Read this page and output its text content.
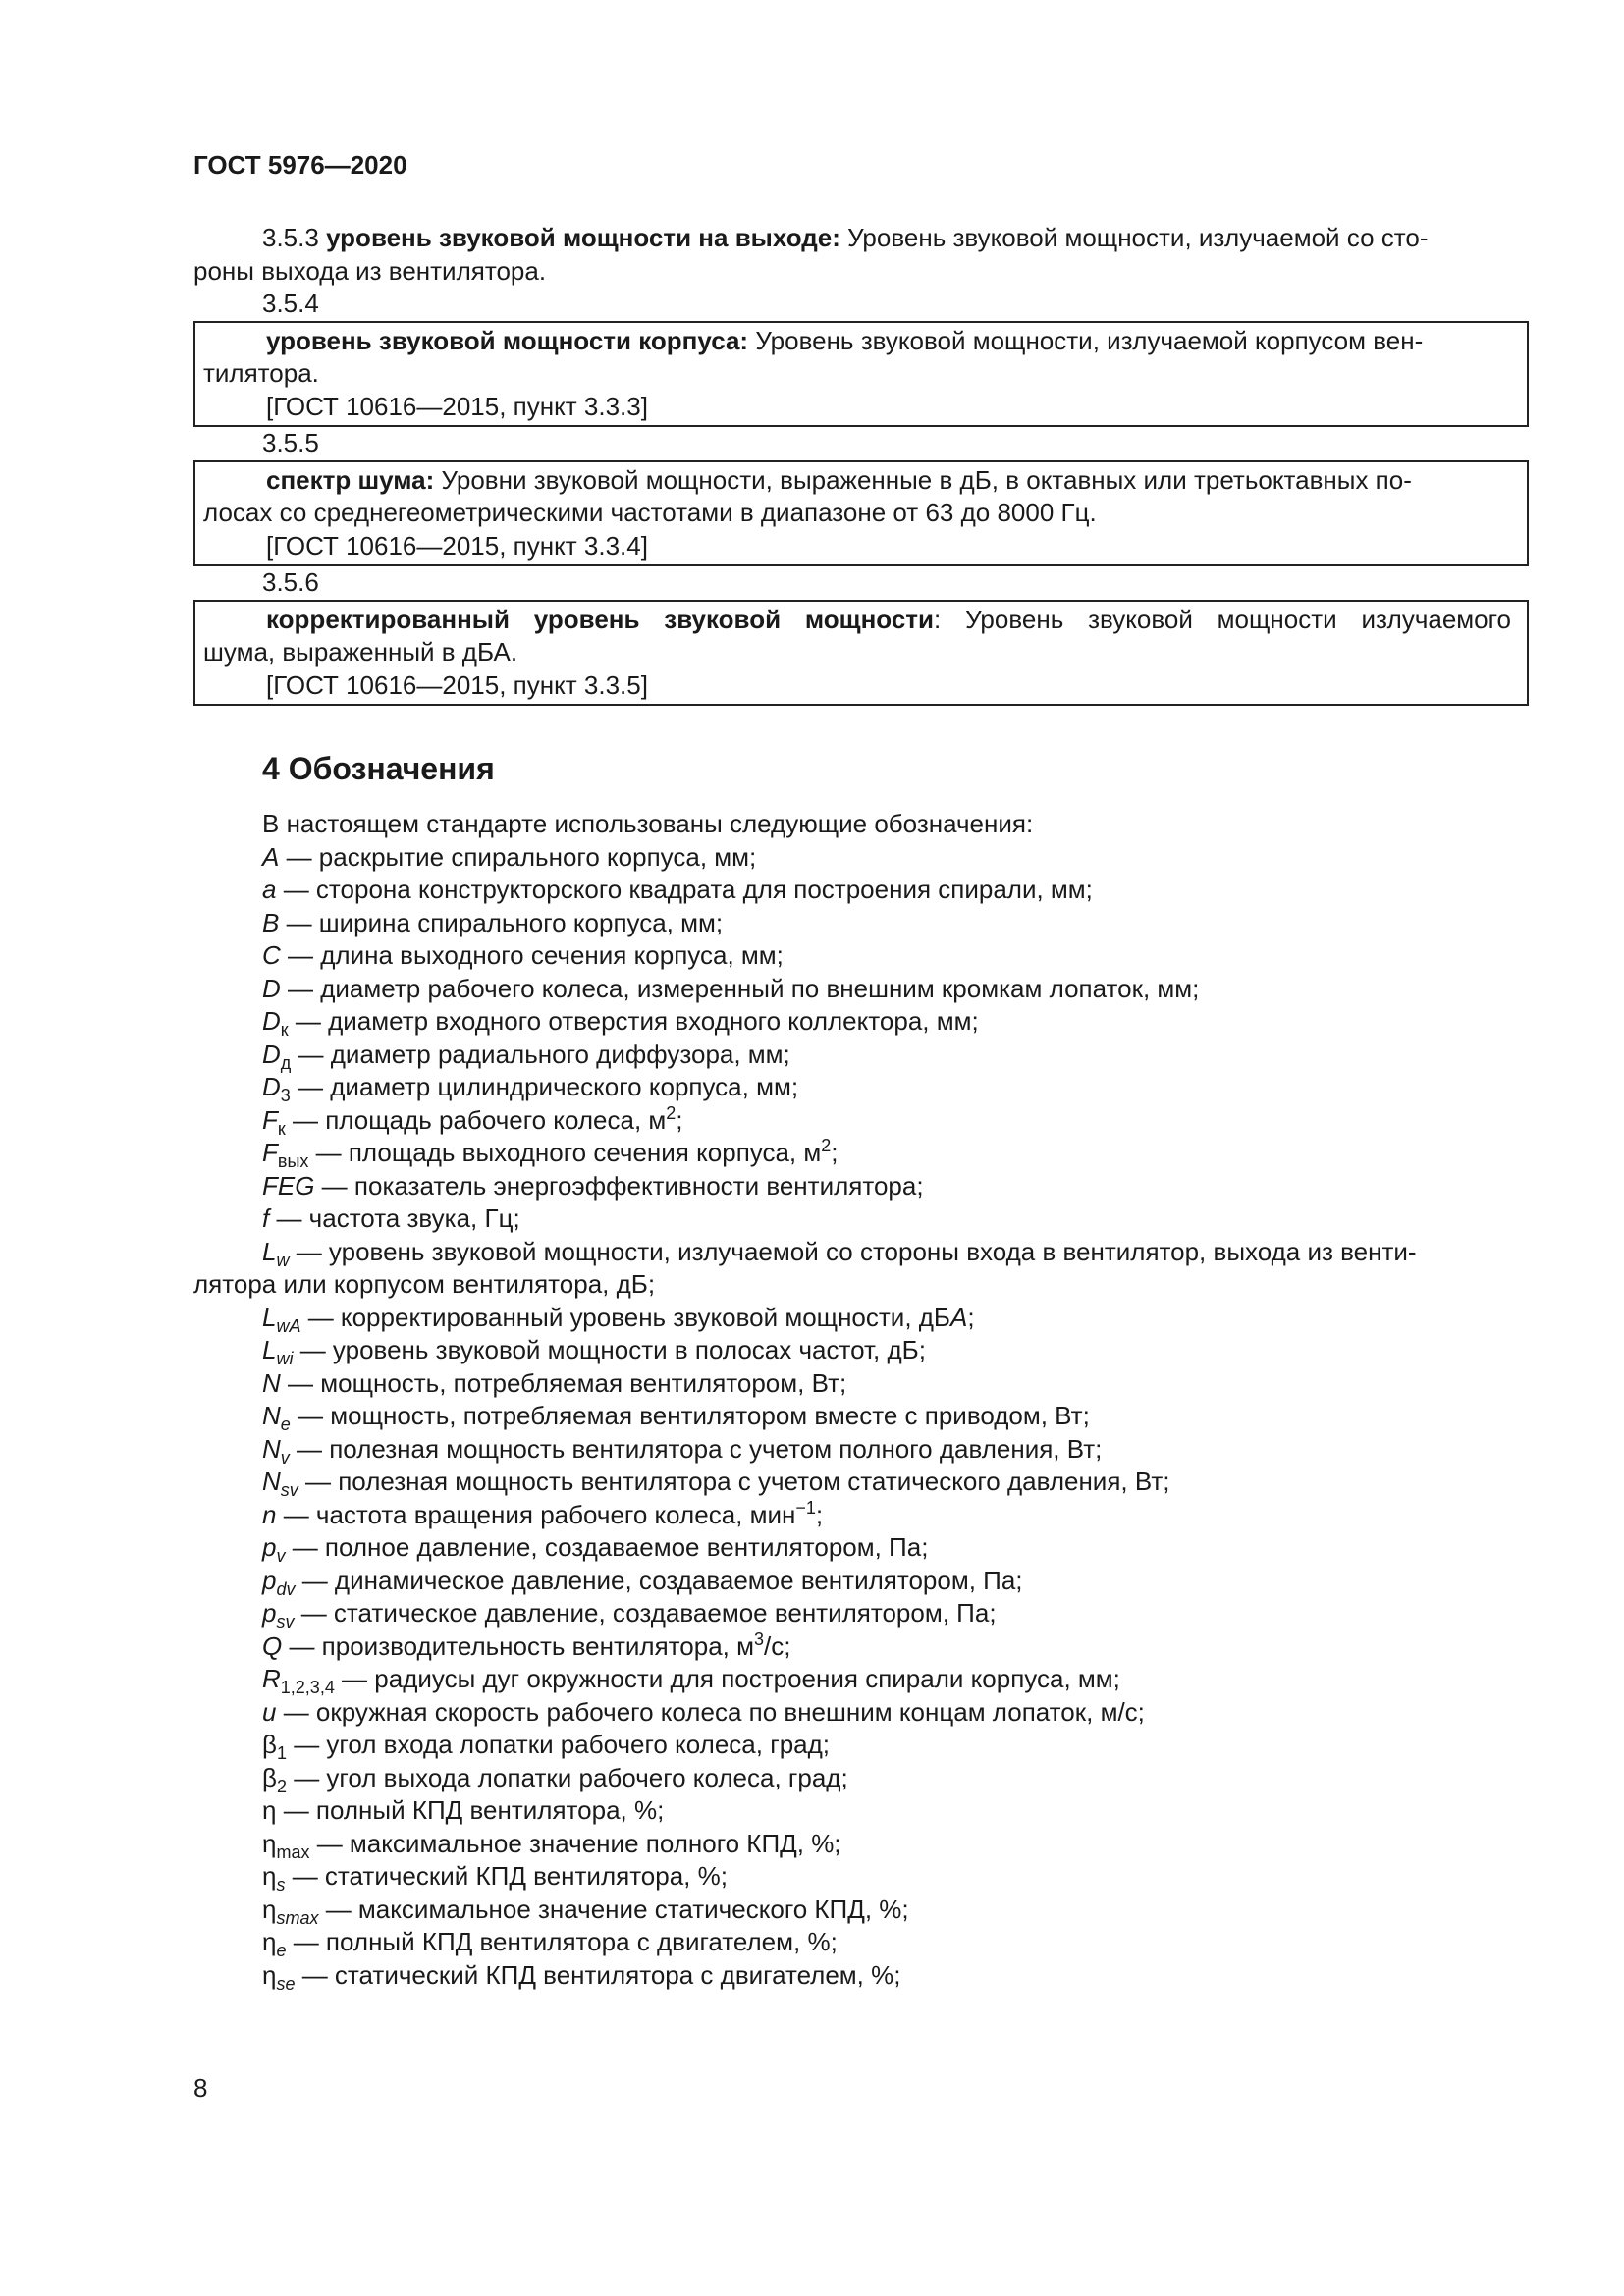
ГОСТ 5976—2020

3.5.3 уровень звуковой мощности на выходе: Уровень звуковой мощности, излучаемой со сто-

роны выхода из вентилятора.

3.5.4

уровень звуковой мощности корпуса: Уровень звуковой мощности, излучаемой корпусом вен-

тилятора.

[ГОСТ 10616—2015, пункт 3.3.3]

3.5.5

спектр шума: Уровни звуковой мощности, выраженные в дБ, в октавных или третьоктавных по-

лосах со среднегеометрическими частотами в диапазоне от 63 до 8000 Гц.

[ГОСТ 10616—2015, пункт 3.3.4]

3.5.6

корректированный уровень звуковой мощности: Уровень звуковой мощности излучаемого

шума, выраженный в дБА.

[ГОСТ 10616—2015, пункт 3.3.5]

4 Обозначения

В настоящем стандарте использованы следующие обозначения:

A — раскрытие спирального корпуса, мм;

a — сторона конструкторского квадрата для построения спирали, мм;

B — ширина спирального корпуса, мм;

C — длина выходного сечения корпуса, мм;

D — диаметр рабочего колеса, измеренный по внешним кромкам лопаток, мм;

$D_к$ — диаметр входного отверстия входного коллектора, мм;

$D_д$ — диаметр радиального диффузора, мм;

$D_3$ — диаметр цилиндрического корпуса, мм;

$F_к$ — площадь рабочего колеса, $м^2$;

$F_{вых}$ — площадь выходного сечения корпуса, $м^2$;

FEG — показатель энергоэффективности вентилятора;

f — частота звука, Гц;

$L_w$ — уровень звуковой мощности, излучаемой со стороны входа в вентилятор, выхода из венти-

лятора или корпусом вентилятора, дБ;

$L_{wA}$ — корректированный уровень звуковой мощности, дБА;

$L_{wi}$ — уровень звуковой мощности в полосах частот, дБ;

N — мощность, потребляемая вентилятором, Вт;

$N_e$ — мощность, потребляемая вентилятором вместе с приводом, Вт;

$N_v$ — полезная мощность вентилятора с учетом полного давления, Вт;

$N_{sv}$ — полезная мощность вентилятора с учетом статического давления, Вт;

n — частота вращения рабочего колеса, мин$^{-1}$;

$p_v$ — полное давление, создаваемое вентилятором, Па;

$p_{dv}$ — динамическое давление, создаваемое вентилятором, Па;

$p_{sv}$ — статическое давление, создаваемое вентилятором, Па;

Q — производительность вентилятора, $м^3/с$;

$R_{1,2,3,4}$ — радиусы дуг окружности для построения спирали корпуса, мм;

u — окружная скорость рабочего колеса по внешним концам лопаток, м/с;

$\beta_1$ — угол входа лопатки рабочего колеса, град;

$\beta_2$ — угол выхода лопатки рабочего колеса, град;

η — полный КПД вентилятора, %;

$\eta_{max}$ — максимальное значение полного КПД, %;

$\eta_s$ — статический КПД вентилятора, %;

$\eta_{smax}$ — максимальное значение статического КПД, %;

$\eta_e$ — полный КПД вентилятора с двигателем, %;

$\eta_{se}$ — статический КПД вентилятора с двигателем, %;

8
